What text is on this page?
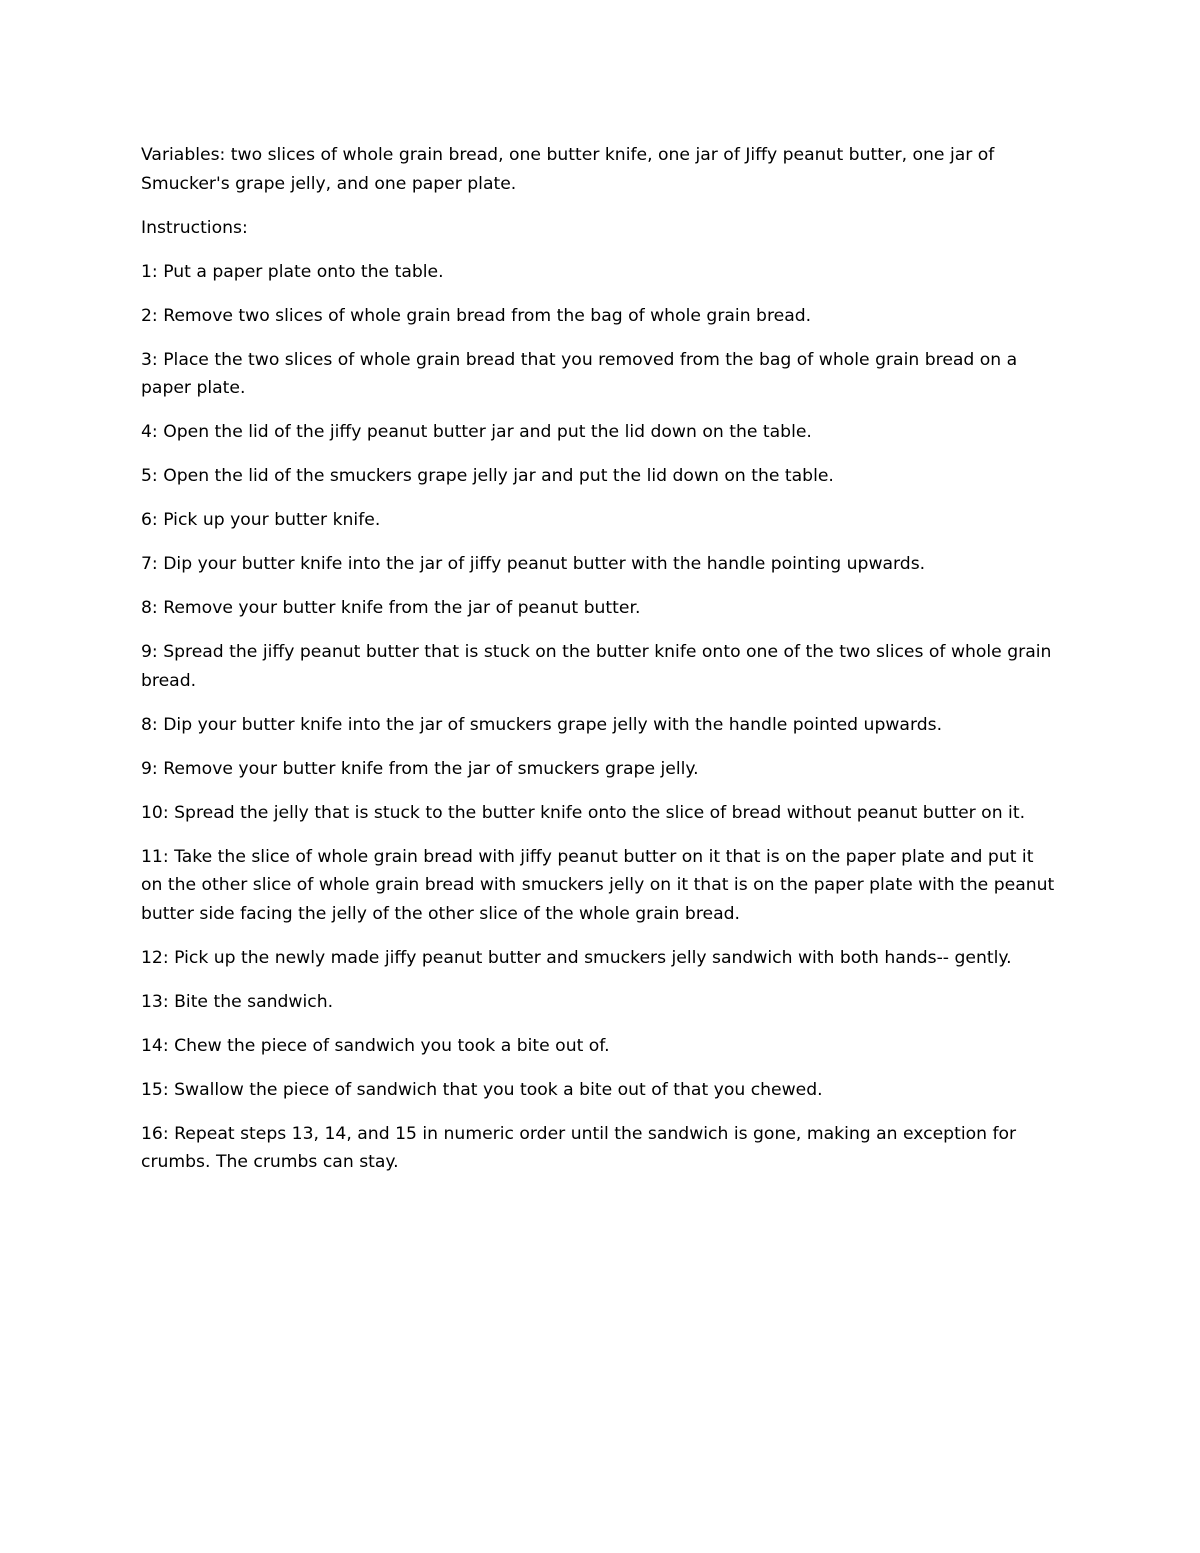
Variables: two slices of whole grain bread, one butter knife, one jar of Jiffy peanut butter, one jar of Smucker's grape jelly, and one paper plate.

Instructions:

1: Put a paper plate onto the table.

2: Remove two slices of whole grain bread from the bag of whole grain bread.

3: Place the two slices of whole grain bread that you removed from the bag of whole grain bread on a paper plate.

4: Open the lid of the jiffy peanut butter jar and put the lid down on the table.

5: Open the lid of the smuckers grape jelly jar and put the lid down on the table.

6: Pick up your butter knife.

7: Dip your butter knife into the jar of jiffy peanut butter with the handle pointing upwards.

8: Remove your butter knife from the jar of peanut butter.

9: Spread the jiffy peanut butter that is stuck on the butter knife onto one of the two slices of whole grain bread.

8: Dip your butter knife into the jar of smuckers grape jelly with the handle pointed upwards.

9: Remove your butter knife from the jar of smuckers grape jelly.

10: Spread the jelly that is stuck to the butter knife onto the slice of bread without peanut butter on it.

11: Take the slice of whole grain bread with jiffy peanut butter on it that is on the paper plate and put it on the other slice of whole grain bread with smuckers jelly on it that is on the paper plate with the peanut butter side facing the jelly of the other slice of the whole grain bread.

12: Pick up the newly made jiffy peanut butter and smuckers jelly sandwich with both hands-- gently.

13: Bite the sandwich.

14: Chew the piece of sandwich you took a bite out of.

15: Swallow the piece of sandwich that you took a bite out of that you chewed.

16: Repeat steps 13, 14, and 15 in numeric order until the sandwich is gone, making an exception for crumbs. The crumbs can stay.
